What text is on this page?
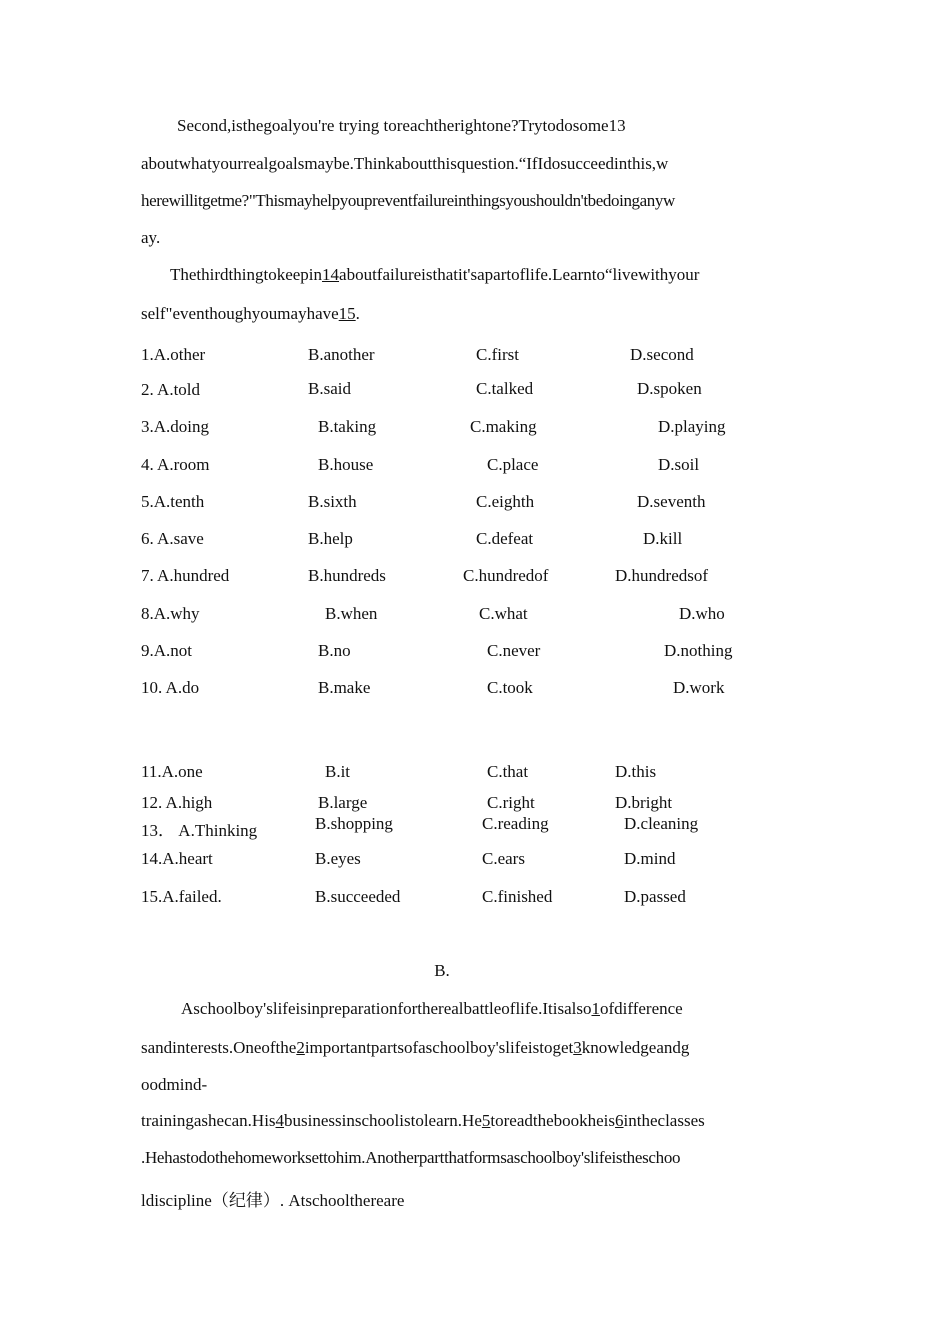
Second,isthegoalyou're trying toreachtherightone?Trytodosome13
aboutwhatyourrealgoalsmaybe.Thinkaboutthisquestion.“IfIdosucceedinthis,w
herewillitgetme?"Thismayhelpyoupreventfailureinthingsyoushouldn'tbedoinganyw
ay.
Thethirdthingtokeepin14aboutfailureisthatit'sapartoflife.Learnto“livewithyour
self"eventhoughyoumayhave15.
1.A.other	B.another	C.first	D.second
2. A.told	B.said	C.talked	D.spoken
3.A.doing	B.taking	C.making	D.playing
4. A.room	B.house	C.place	D.soil
5.A.tenth	B.sixth	C.eighth	D.seventh
6. A.save	B.help	C.defeat	D.kill
7. A.hundred	B.hundreds	C.hundredof	D.hundredsof
8.A.why	B.when	C.what	D.who
9.A.not	B.no	C.never	D.nothing
10. A.do	B.make	C.took	D.work
11.A.one	B.it	C.that	D.this
12. A.high	B.large	C.right	D.bright
13． A.Thinking	B.shopping	C.reading	D.cleaning
14.A.heart	B.eyes	C.ears	D.mind
15.A.failed.	B.succeeded	C.finished	D.passed
B.
Aschoolboy'slifeisinpreparationfortherealbattleoflife.Itisalso1ofdifference
sandinterests.Oneofthe2importantpartsofaschoolboy'slifeistoget3knowledgeandg
oodmind-
trainingashecan.His4businessinschoolistolearn.He5toreadthebookheis6intheclasses
.Hehastodothehomeworksettohim.Anotherpartthatformsaschoolboy'slifeistheschoo
ldiscipline（纪律）. Atschoolthereare
